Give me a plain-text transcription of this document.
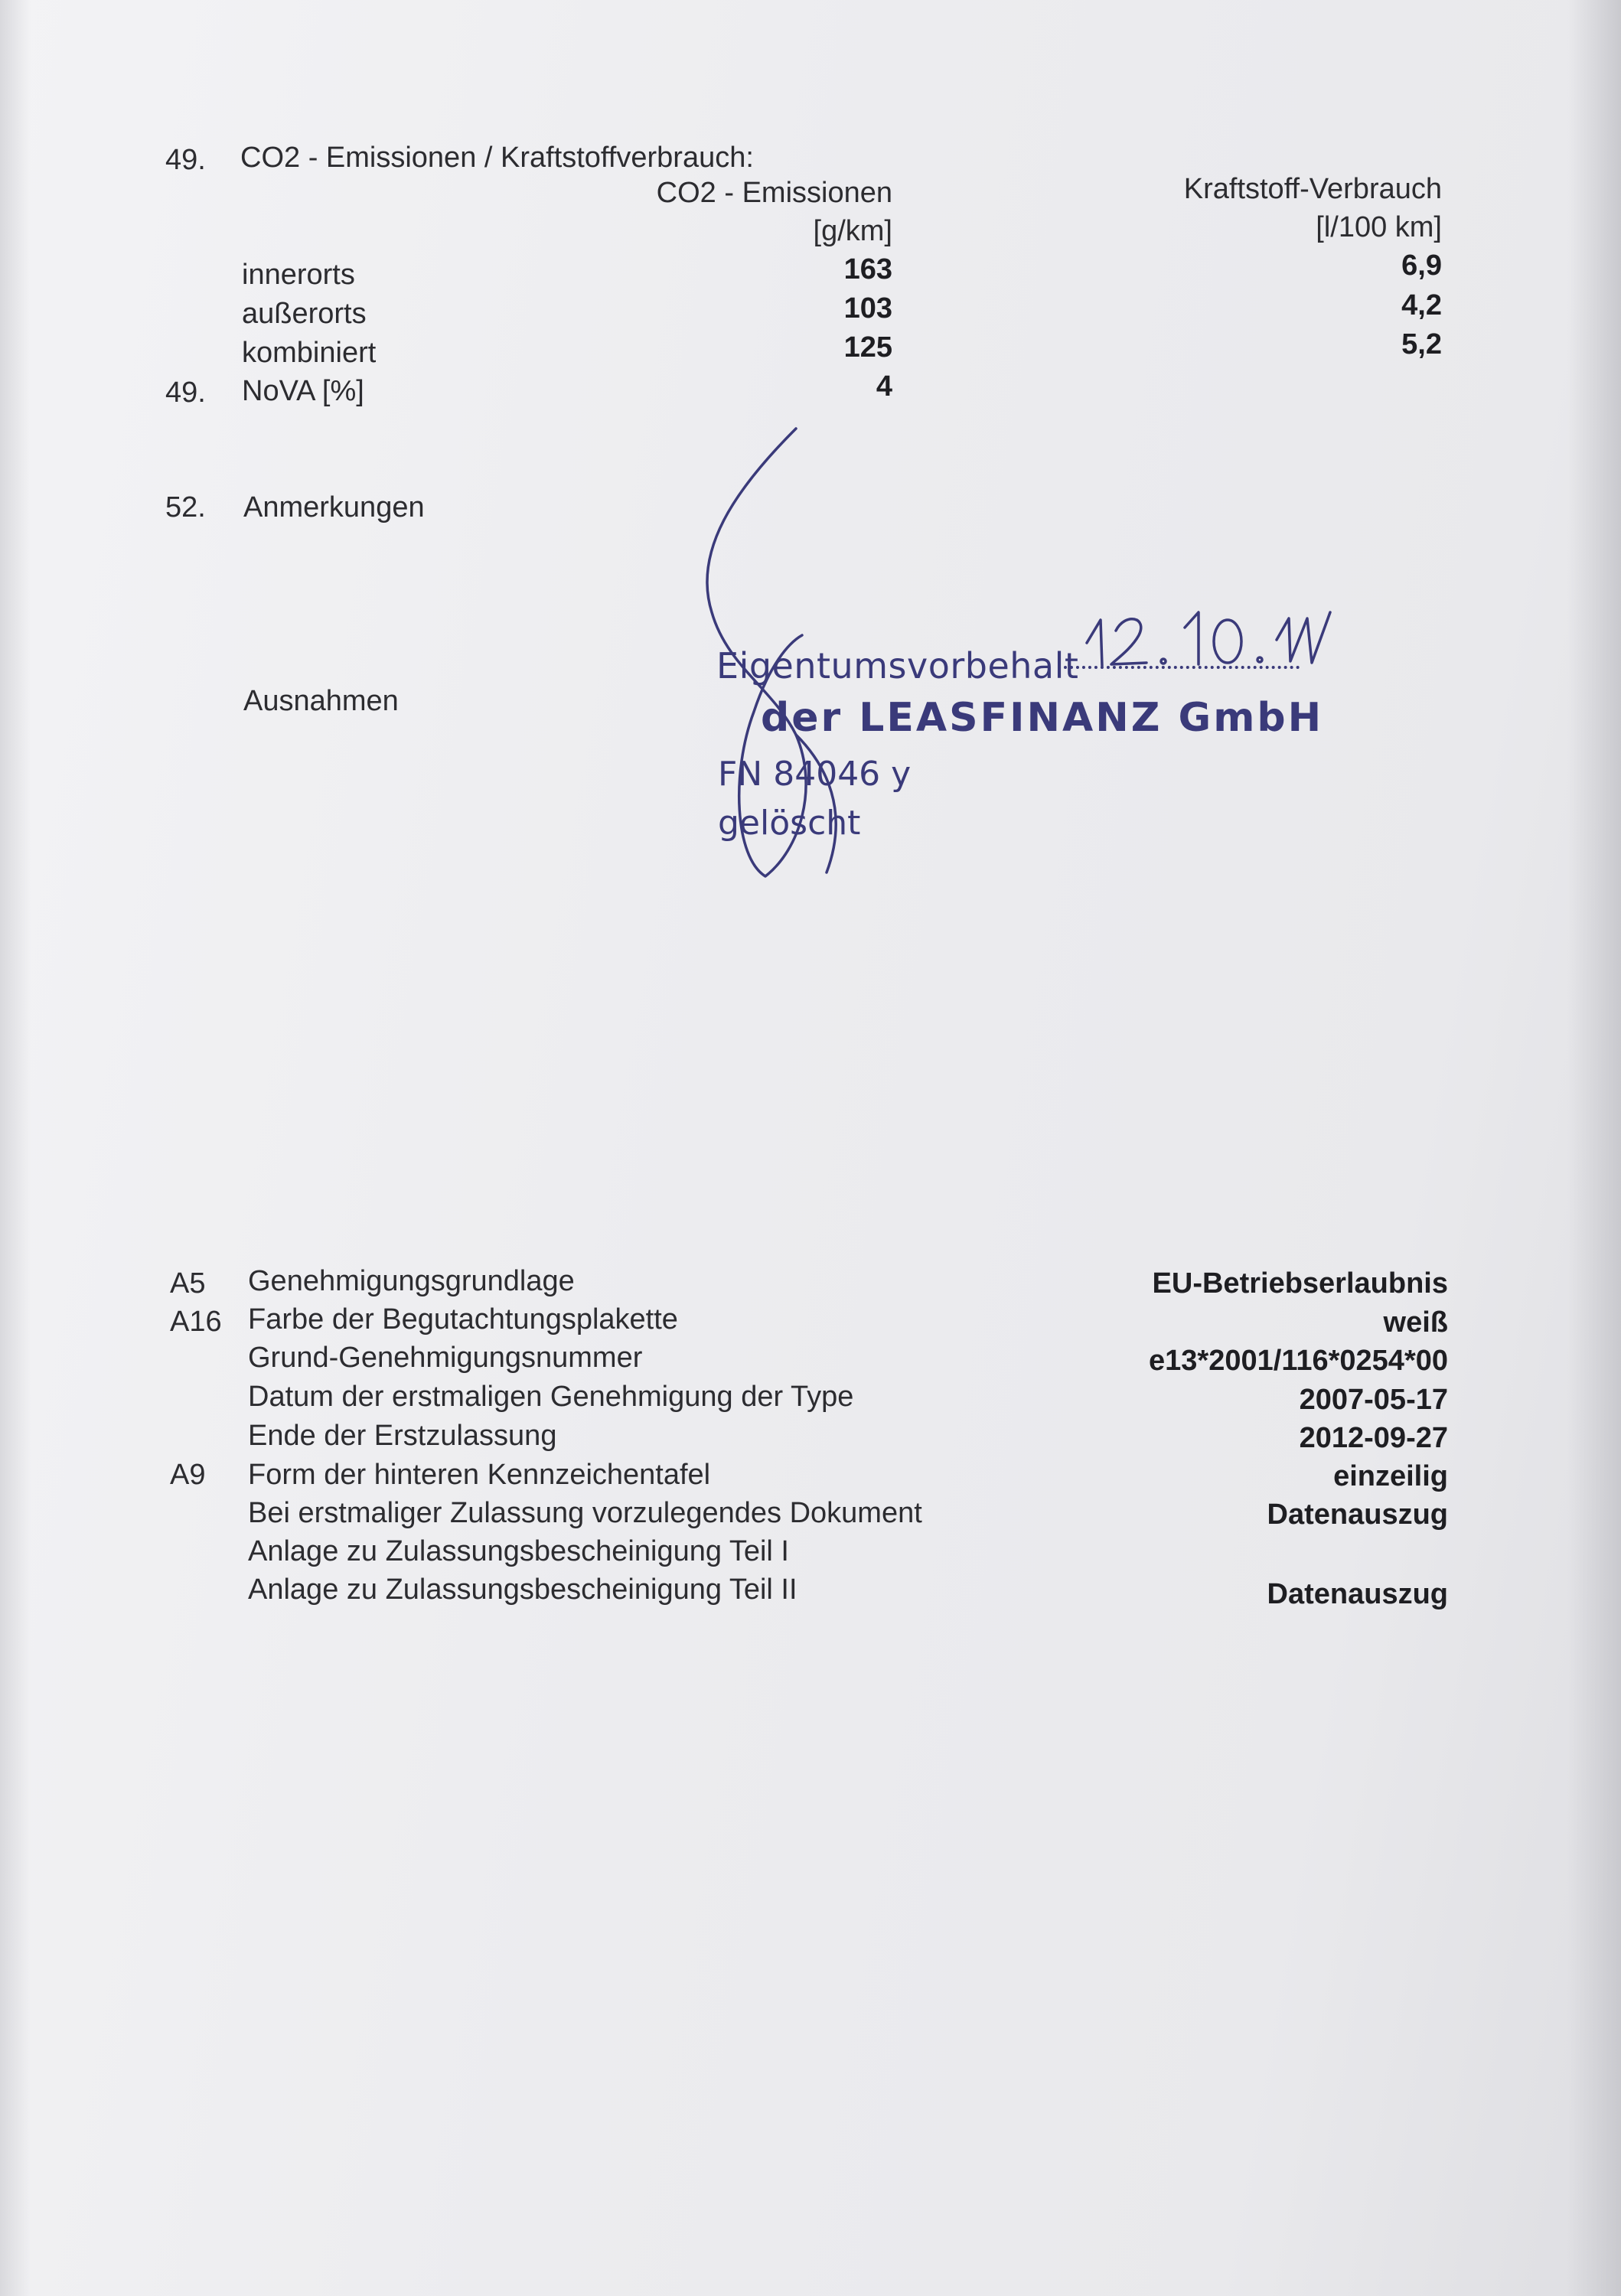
49. CO2 - Emissionen / Kraftstoffverbrauch:
CO2 - Emissionen
[g/km]
Kraftstoff-Verbrauch
[l/100 km]
innerorts	163	6,9
außerorts	103	4,2
kombiniert	125	5,2
49. NoVA [%]	4
52. Anmerkungen
Ausnahmen
Eigentumsvorbehalt
der LEASFINANZ GmbH
FN 84046 y
gelöscht
A5 Genehmigungsgrundlage	EU-Betriebserlaubnis
A16 Farbe der Begutachtungsplakette	weiß
Grund-Genehmigungsnummer	e13*2001/116*0254*00
Datum der erstmaligen Genehmigung der Type	2007-05-17
Ende der Erstzulassung	2012-09-27
A9 Form der hinteren Kennzeichentafel	einzeilig
Bei erstmaliger Zulassung vorzulegendes Dokument	Datenauszug
Anlage zu Zulassungsbescheinigung Teil I
Anlage zu Zulassungsbescheinigung Teil II	Datenauszug
